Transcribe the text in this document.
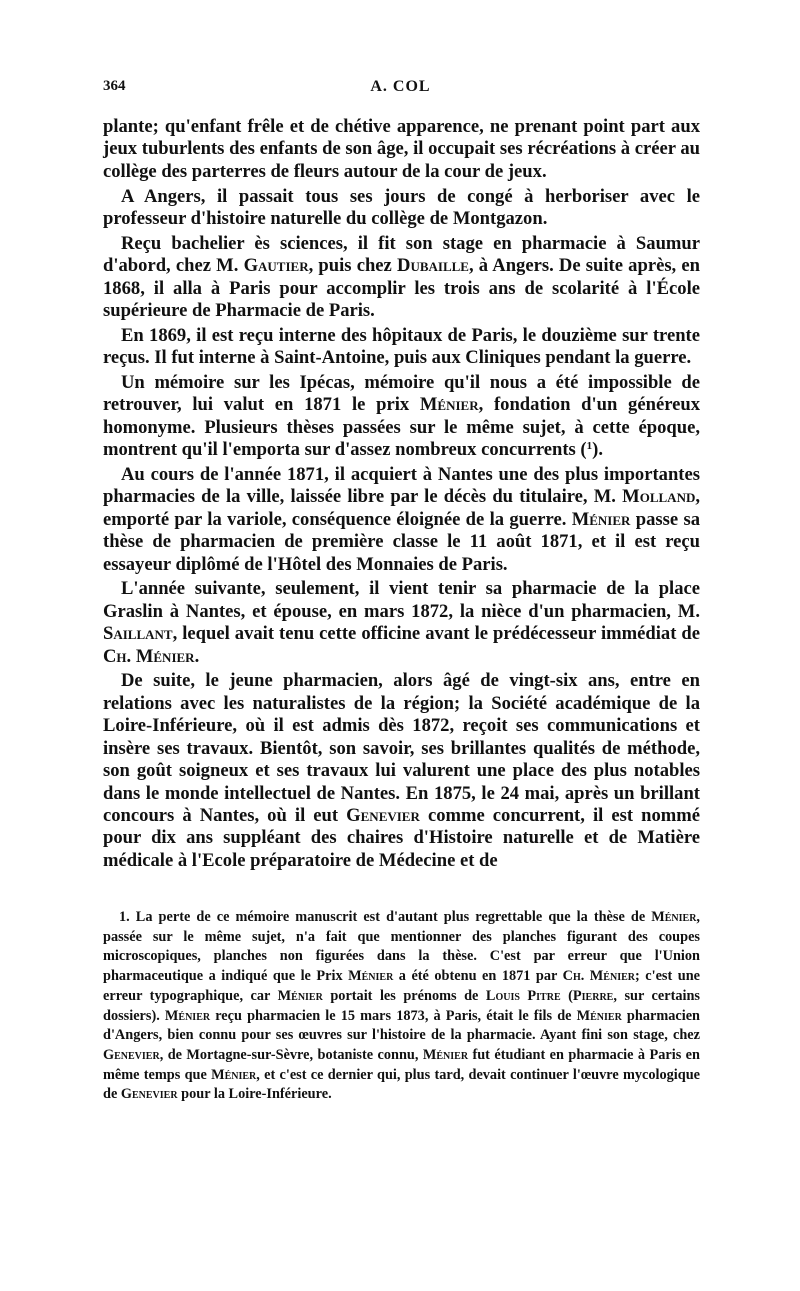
364	A. COL

plante; qu'enfant frêle et de chétive apparence, ne prenant point part aux jeux tuburlents des enfants de son âge, il occupait ses récréations à créer au collège des parterres de fleurs autour de la cour de jeux.

A Angers, il passait tous ses jours de congé à herboriser avec le professeur d'histoire naturelle du collège de Montgazon.

Reçu bachelier ès sciences, il fit son stage en pharmacie à Saumur d'abord, chez M. Gautier, puis chez Dubaille, à Angers. De suite après, en 1868, il alla à Paris pour accomplir les trois ans de scolarité à l'École supérieure de Pharmacie de Paris.

En 1869, il est reçu interne des hôpitaux de Paris, le douzième sur trente reçus. Il fut interne à Saint-Antoine, puis aux Cliniques pendant la guerre.

Un mémoire sur les Ipécas, mémoire qu'il nous a été impossible de retrouver, lui valut en 1871 le prix Ménier, fondation d'un généreux homonyme. Plusieurs thèses passées sur le même sujet, à cette époque, montrent qu'il l'emporta sur d'assez nombreux concurrents ($^1$).

Au cours de l'année 1871, il acquiert à Nantes une des plus importantes pharmacies de la ville, laissée libre par le décès du titulaire, M. Molland, emporté par la variole, conséquence éloignée de la guerre. Ménier passe sa thèse de pharmacien de première classe le 11 août 1871, et il est reçu essayeur diplômé de l'Hôtel des Monnaies de Paris.

L'année suivante, seulement, il vient tenir sa pharmacie de la place Graslin à Nantes, et épouse, en mars 1872, la nièce d'un pharmacien, M. Saillant, lequel avait tenu cette officine avant le prédécesseur immédiat de Ch. Ménier.

De suite, le jeune pharmacien, alors âgé de vingt-six ans, entre en relations avec les naturalistes de la région; la Société académique de la Loire-Inférieure, où il est admis dès 1872, reçoit ses communications et insère ses travaux. Bientôt, son savoir, ses brillantes qualités de méthode, son goût soigneux et ses travaux lui valurent une place des plus notables dans le monde intellectuel de Nantes. En 1875, le 24 mai, après un brillant concours à Nantes, où il eut Genevier comme concurrent, il est nommé pour dix ans suppléant des chaires d'Histoire naturelle et de Matière médicale à l'Ecole préparatoire de Médecine et de

1. La perte de ce mémoire manuscrit est d'autant plus regrettable que la thèse de Ménier, passée sur le même sujet, n'a fait que mentionner des planches figurant des coupes microscopiques, planches non figurées dans la thèse. C'est par erreur que l'Union pharmaceutique a indiqué que le Prix Ménier a été obtenu en 1871 par Ch. Ménier; c'est une erreur typographique, car Ménier portait les prénoms de Louis Pitre (Pierre, sur certains dossiers). Ménier reçu pharmacien le 15 mars 1873, à Paris, était le fils de Ménier pharmacien d'Angers, bien connu pour ses œuvres sur l'histoire de la pharmacie. Ayant fini son stage, chez Genevier, de Mortagne-sur-Sèvre, botaniste connu, Ménier fut étudiant en pharmacie à Paris en même temps que Ménier, et c'est ce dernier qui, plus tard, devait continuer l'œuvre mycologique de Genevier pour la Loire-Inférieure.
